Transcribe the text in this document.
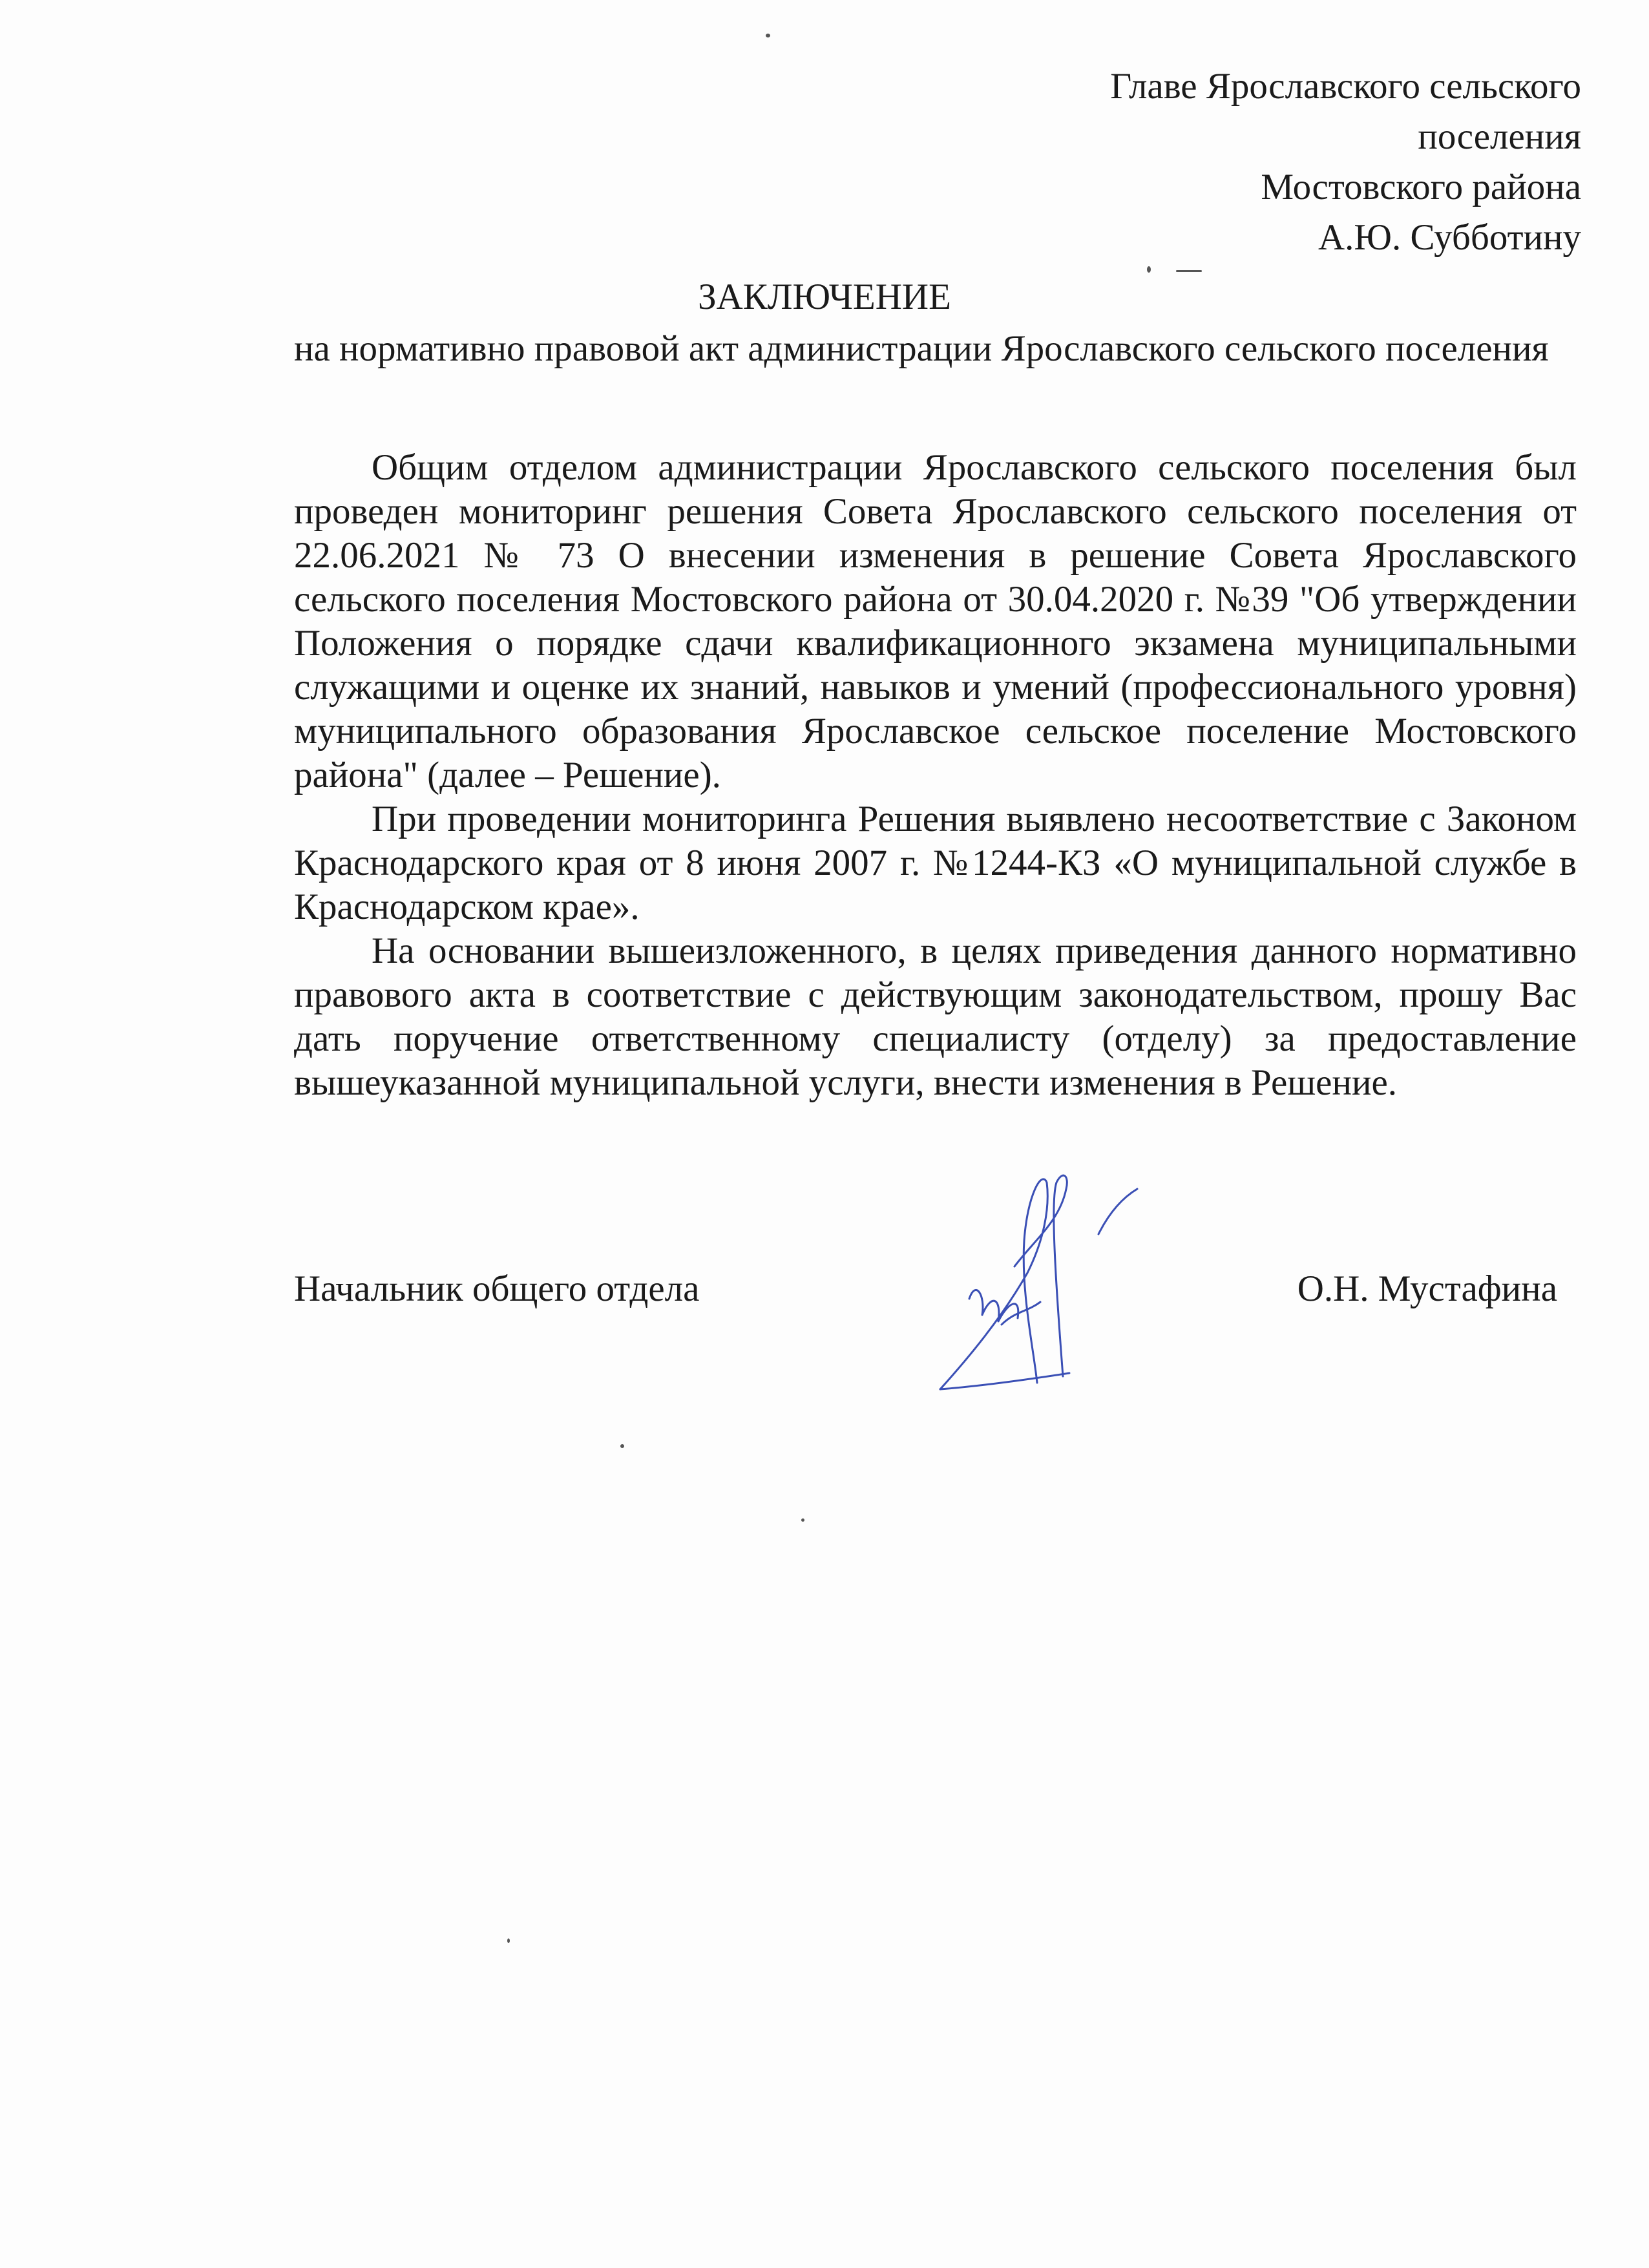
Главе Ярославского сельского
поселения
Мостовского района
А.Ю. Субботину
ЗАКЛЮЧЕНИЕ
на нормативно правовой акт администрации Ярославского сельского поселения

Общим отделом администрации Ярославского сельского поселения был проведен мониторинг решения Совета Ярославского сельского поселения от 22.06.2021 № 73 О внесении изменения в решение Совета Ярославского сельского поселения Мостовского района от 30.04.2020 г. №39 "Об утверждении Положения о порядке сдачи квалификационного экзамена муниципальными служащими и оценке их знаний, навыков и умений (профессионального уровня) муниципального образования Ярославское сельское поселение Мостовского района" (далее – Решение).

При проведении мониторинга Решения выявлено несоответствие с Законом Краснодарского края от 8 июня 2007 г. №1244-КЗ «О муниципальной службе в Краснодарском крае».

На основании вышеизложенного, в целях приведения данного нормативно правового акта в соответствие с действующим законодательством, прошу Вас дать поручение ответственному специалисту (отделу) за предоставление вышеуказанной муниципальной услуги, внести изменения в Решение.

Начальник общего отдела	О.Н. Мустафина
